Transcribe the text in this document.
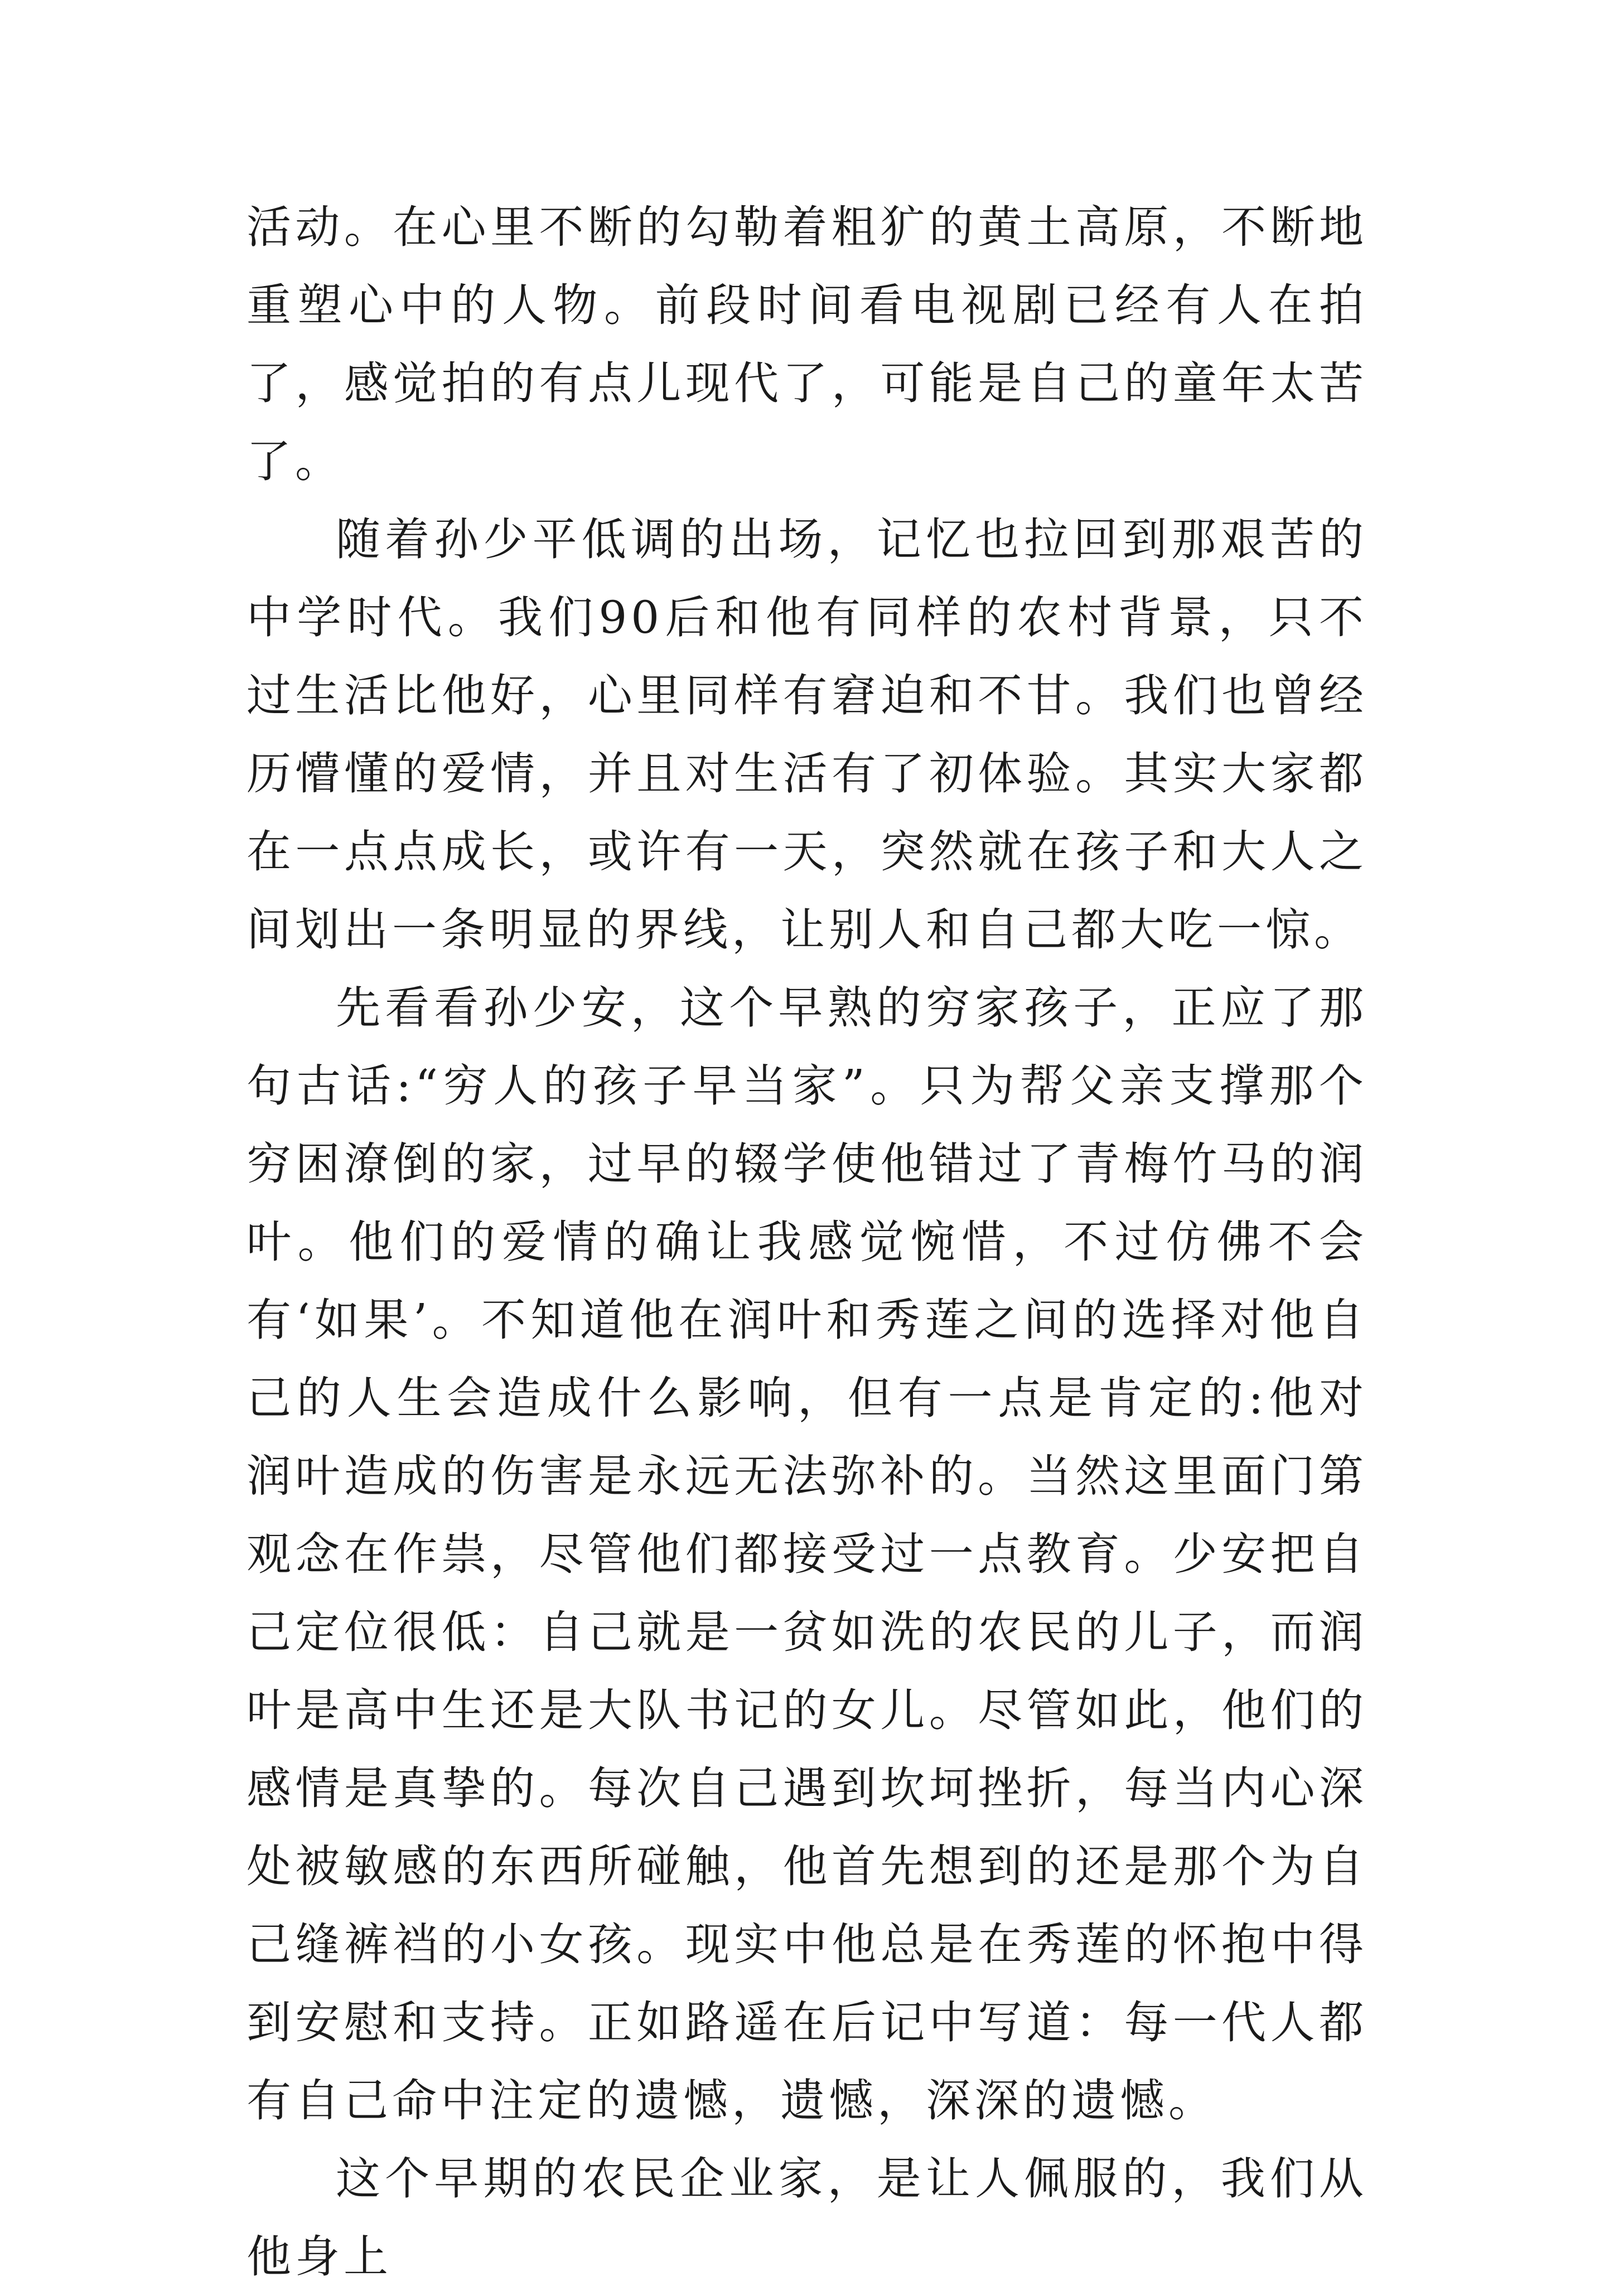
活动。在心里不断的勾勒着粗犷的黄土高原，不断地重塑心中的人物。前段时间看电视剧已经有人在拍了，感觉拍的有点儿现代了，可能是自己的童年太苦了。

随着孙少平低调的出场，记忆也拉回到那艰苦的中学时代。我们90后和他有同样的农村背景，只不过生活比他好，心里同样有窘迫和不甘。我们也曾经历懵懂的爱情，并且对生活有了初体验。其实大家都在一点点成长，或许有一天，突然就在孩子和大人之间划出一条明显的界线，让别人和自己都大吃一惊。

先看看孙少安，这个早熟的穷家孩子，正应了那句古话:“穷人的孩子早当家”。只为帮父亲支撑那个穷困潦倒的家，过早的辍学使他错过了青梅竹马的润叶。他们的爱情的确让我感觉惋惜，不过仿佛不会有‘如果’。不知道他在润叶和秀莲之间的选择对他自己的人生会造成什么影响，但有一点是肯定的:他对润叶造成的伤害是永远无法弥补的。当然这里面门第观念在作祟，尽管他们都接受过一点教育。少安把自己定位很低：自己就是一贫如洗的农民的儿子，而润叶是高中生还是大队书记的女儿。尽管如此，他们的感情是真挚的。每次自己遇到坎坷挫折，每当内心深处被敏感的东西所碰触，他首先想到的还是那个为自己缝裤裆的小女孩。现实中他总是在秀莲的怀抱中得到安慰和支持。正如路遥在后记中写道：每一代人都有自己命中注定的遗憾，遗憾，深深的遗憾。

这个早期的农民企业家，是让人佩服的，我们从他身上
